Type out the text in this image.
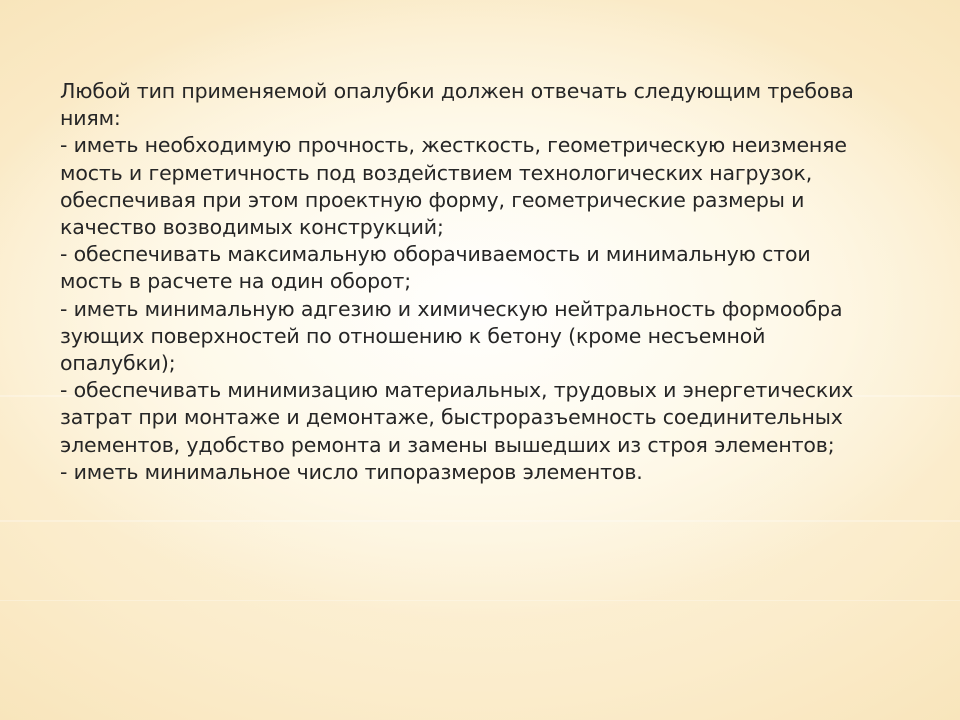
Любой тип применяемой опалубки должен отвечать следующим требова
ниям:
- иметь необходимую прочность, жесткость, геометрическую неизменяе
мость и герметичность под воздействием технологических нагрузок,
обеспечивая при этом проектную форму, геометрические размеры и
качество возводимых конструкций;
- обеспечивать максимальную оборачиваемость и минимальную стои
мость в расчете на один оборот;
- иметь минимальную адгезию и химическую нейтральность формообра
зующих поверхностей по отношению к бетону (кроме несъемной
опалубки);
- обеспечивать минимизацию материальных, трудовых и энергетических
затрат при монтаже и демонтаже, быстроразъемность соединительных
элементов, удобство ремонта и замены вышедших из строя элементов;
- иметь минимальное число типоразмеров элементов.
